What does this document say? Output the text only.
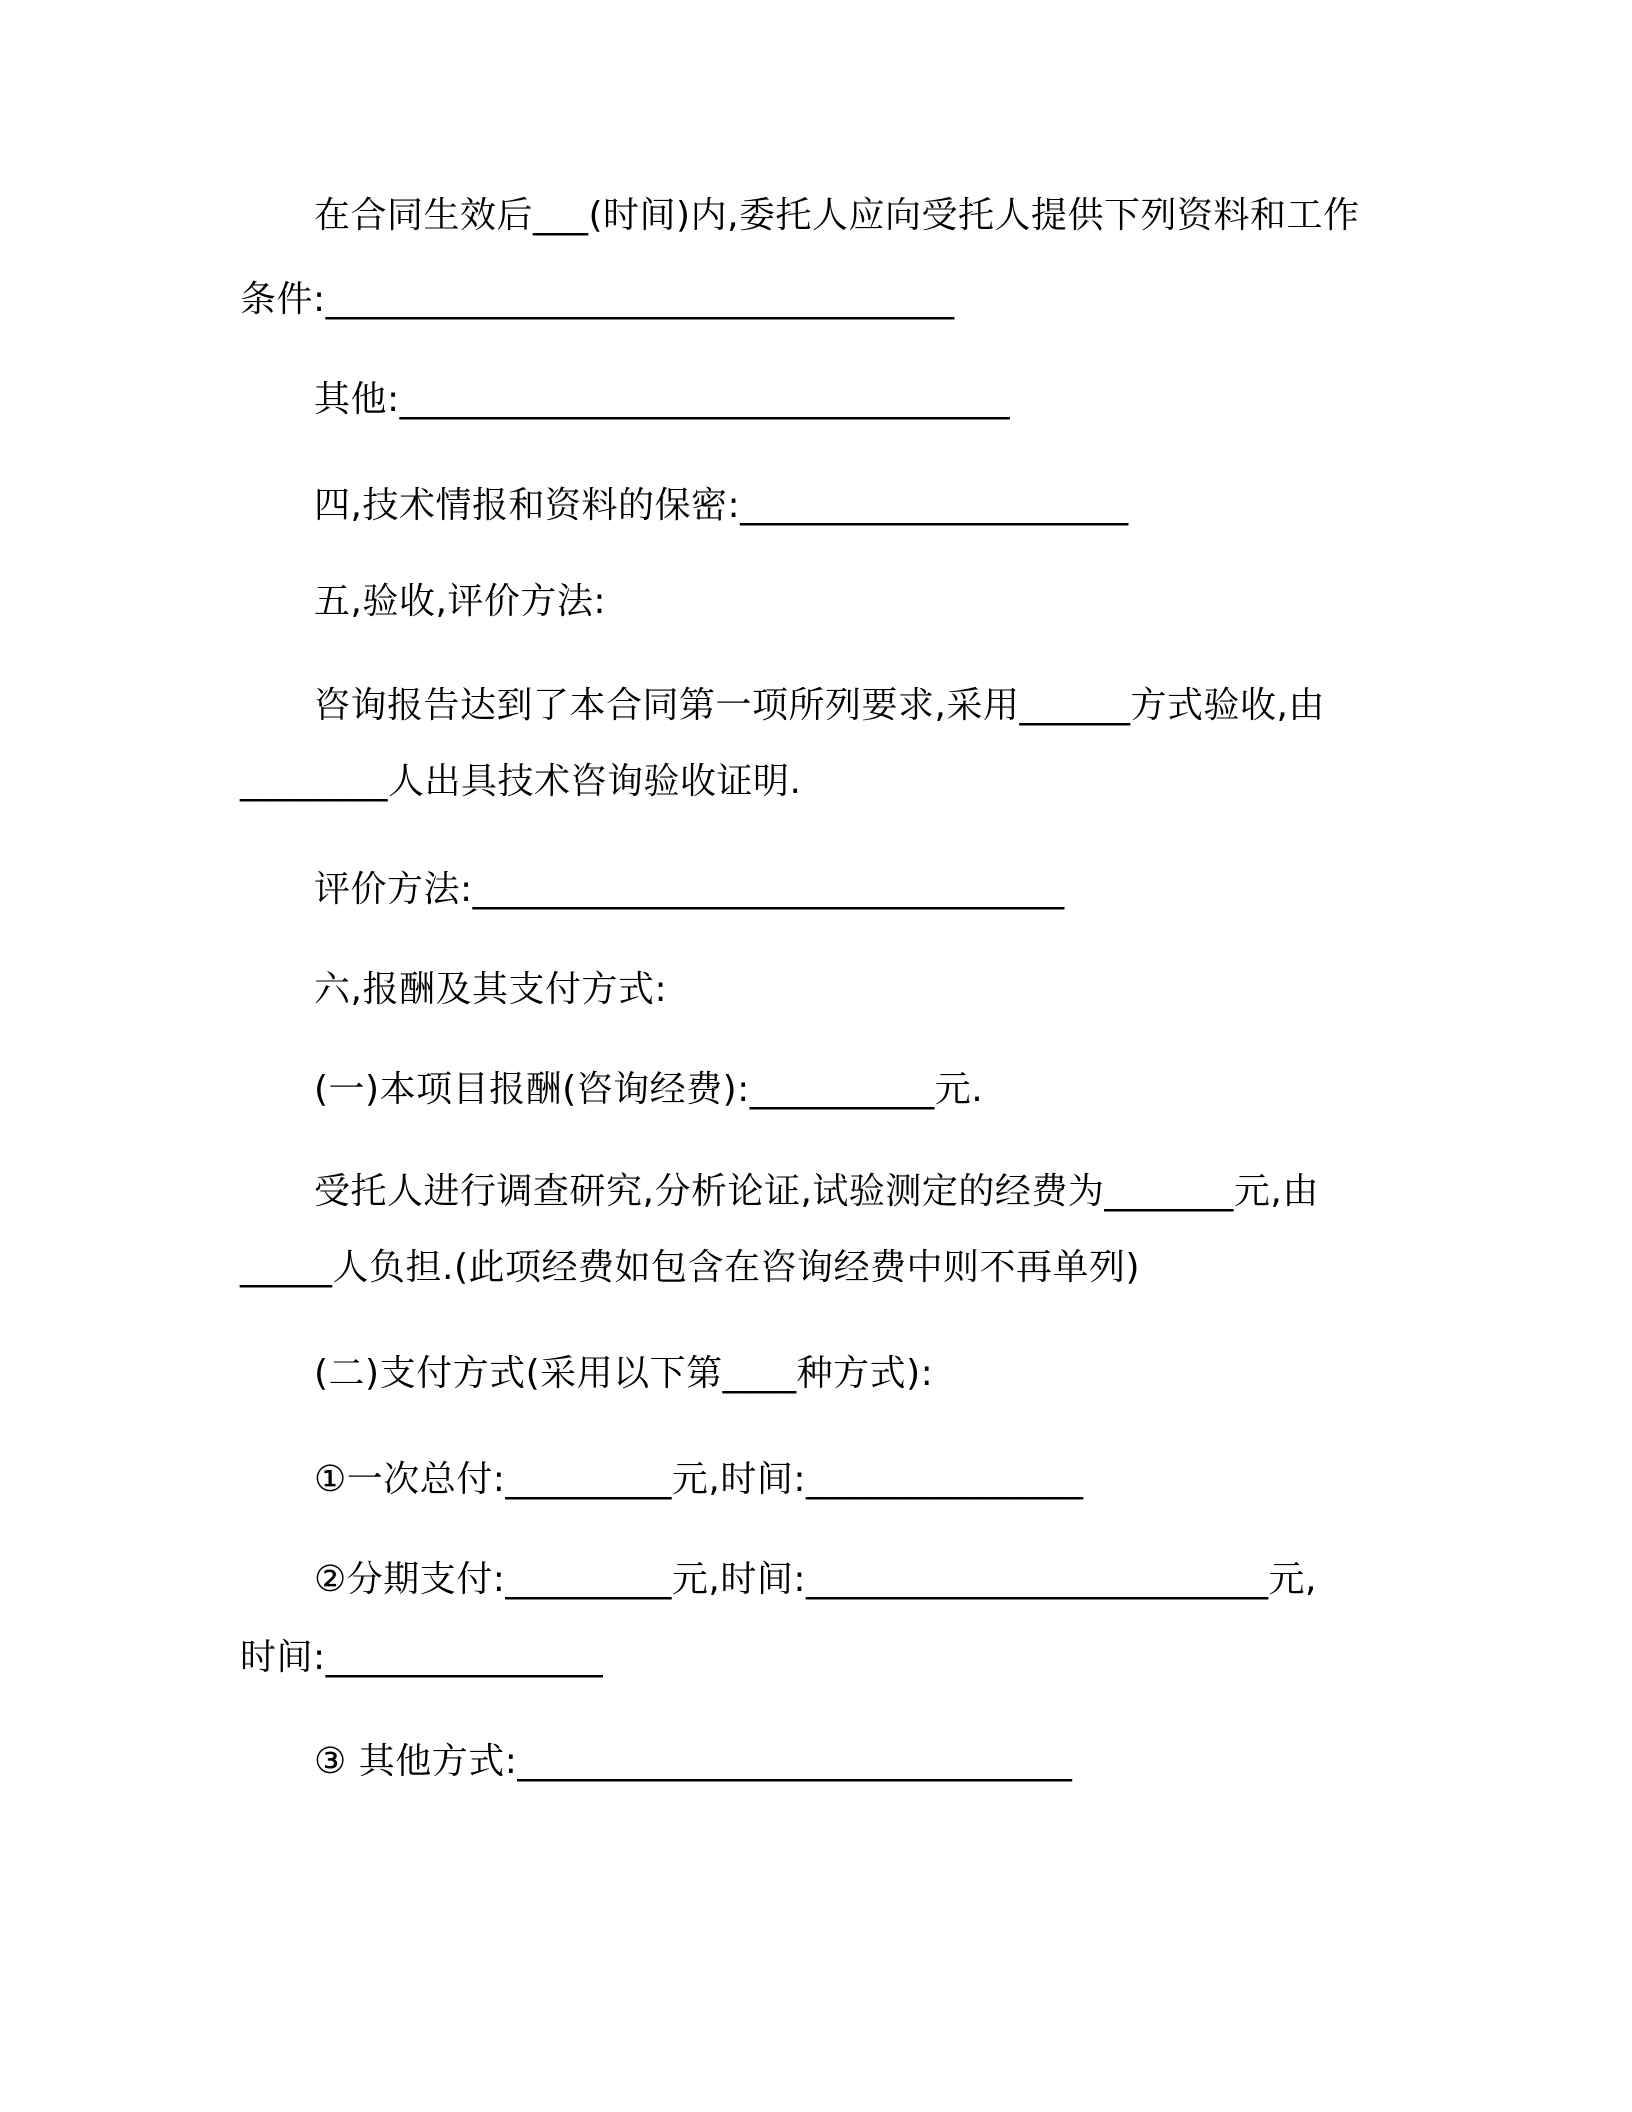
在合同生效后___(时间)内,委托人应向受托人提供下列资料和工作
条件:__________________________________
其他:_________________________________
四,技术情报和资料的保密:_____________________
五,验收,评价方法:
咨询报告达到了本合同第一项所列要求,采用______方式验收,由
________人出具技术咨询验收证明.
评价方法:________________________________
六,报酬及其支付方式:
(一)本项目报酬(咨询经费):__________元.
受托人进行调查研究,分析论证,试验测定的经费为_______元,由
_____人负担.(此项经费如包含在咨询经费中则不再单列)
(二)支付方式(采用以下第____种方式):
①一次总付:_________元,时间:_______________
②分期支付:_________元,时间:_________________________元,
时间:_______________
③ 其他方式:______________________________
